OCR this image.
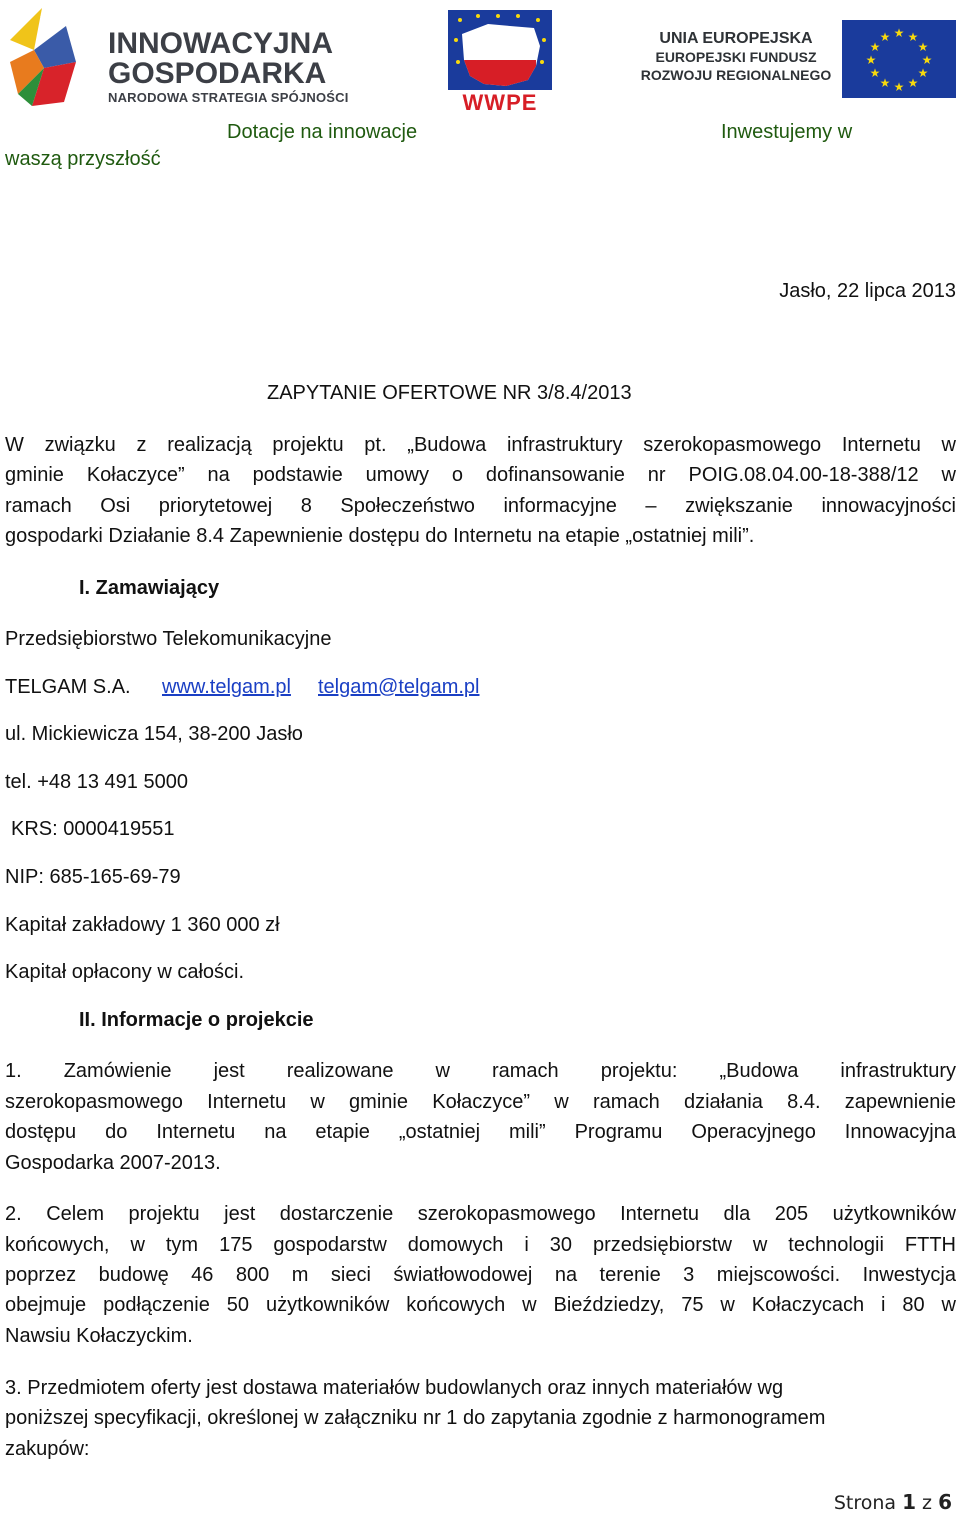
INNOWACYJNA
GOSPODARKA
NARODOWA STRATEGIA SPÓJNOŚCI	WWPE
UNIA EUROPEJSKA
EUROPEJSKI FUNDUSZ
ROZWOJU REGIONALNEGO
★ ★
★
★
★
★
★
★
★
★
★
★
Dotacje na innowacje	Inwestujemy w
waszą przyszłość
Jasło, 22 lipca 2013
ZAPYTANIE OFERTOWE NR 3/8.4/2013
W związku z realizacją projektu pt. „Budowa infrastruktury szerokopasmowego Internetu w
gminie Kołaczyce” na podstawie umowy o dofinansowanie nr POIG.08.04.00-18-388/12 w
ramach Osi priorytetowej 8 Społeczeństwo informacyjne – zwiększanie innowacyjności
gospodarki Działanie 8.4 Zapewnienie dostępu do Internetu na etapie „ostatniej mili”.
I. Zamawiający
Przedsiębiorstwo Telekomunikacyjne
TELGAM S.A. www.telgam.pl telgam@telgam.pl
ul. Mickiewicza 154, 38-200 Jasło
tel. +48 13 491 5000
KRS: 0000419551
NIP: 685-165-69-79
Kapitał zakładowy 1 360 000 zł
Kapitał opłacony w całości.
II. Informacje o projekcie
1. Zamówienie jest realizowane w ramach projektu: „Budowa infrastruktury
szerokopasmowego Internetu w gminie Kołaczyce” w ramach działania 8.4. zapewnienie
dostępu do Internetu na etapie „ostatniej mili” Programu Operacyjnego Innowacyjna
Gospodarka 2007-2013.
2. Celem projektu jest dostarczenie szerokopasmowego Internetu dla 205 użytkowników
końcowych, w tym 175 gospodarstw domowych i 30 przedsiębiorstw w technologii FTTH
poprzez budowę 46 800 m sieci światłowodowej na terenie 3 miejscowości. Inwestycja
obejmuje podłączenie 50 użytkowników końcowych w Bieździedzy, 75 w Kołaczycach i 80 w
Nawsiu Kołaczyckim.
3. Przedmiotem oferty jest dostawa materiałów budowlanych oraz innych materiałów wg
poniższej specyfikacji, określonej w załączniku nr 1 do zapytania zgodnie z harmonogramem
zakupów:
Strona 1 z 6
